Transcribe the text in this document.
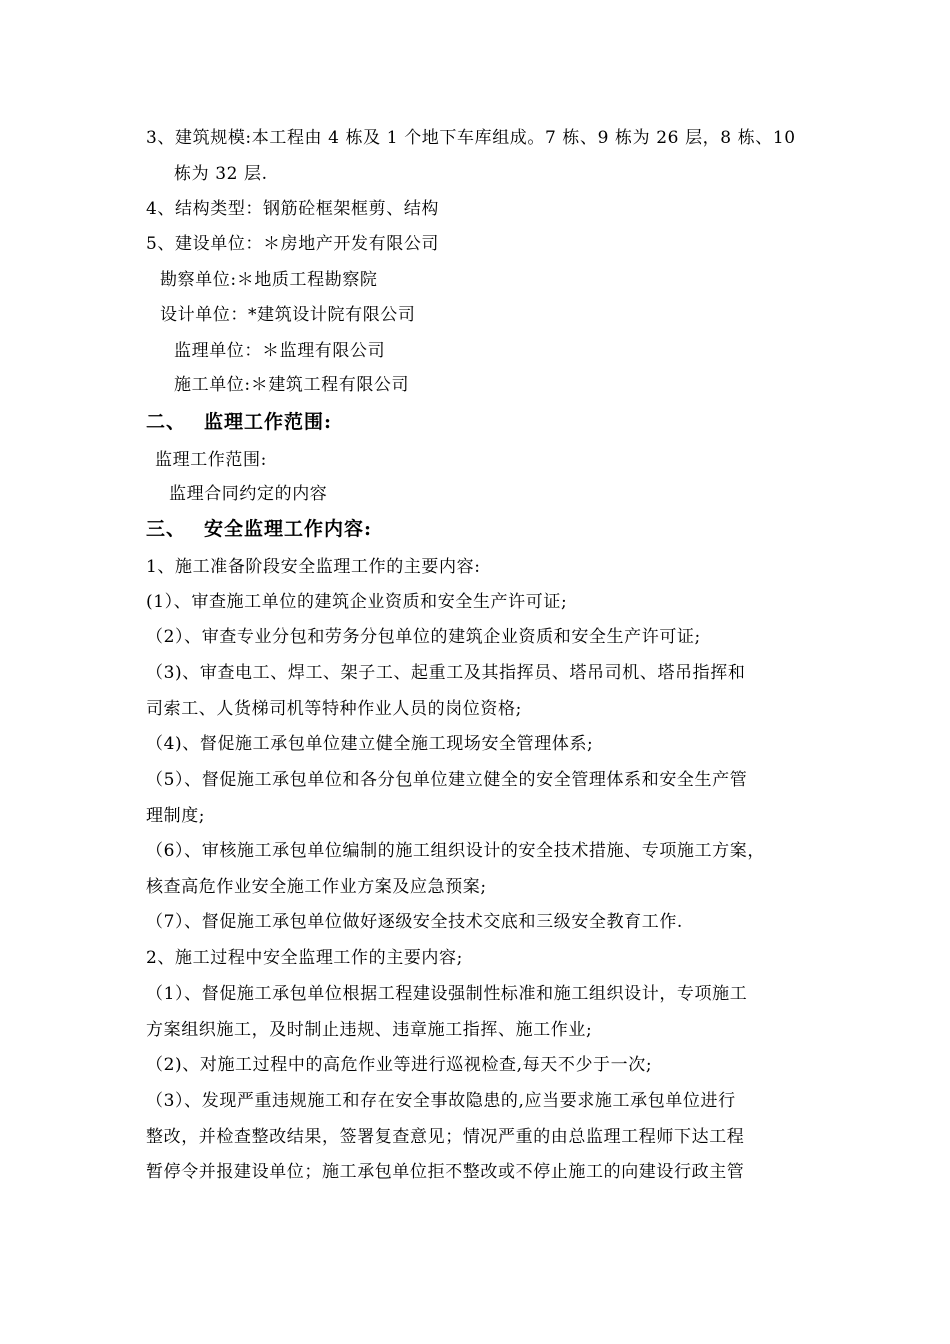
3、建筑规模:本工程由 4 栋及 1 个地下车库组成。7 栋、9 栋为 26 层，8 栋、10
栋为 32 层.
4、结构类型：钢筋砼框架框剪、结构
5、建设单位：＊房地产开发有限公司
勘察单位:＊地质工程勘察院
设计单位：*建筑设计院有限公司
监理单位：＊监理有限公司
施工单位:＊建筑工程有限公司
二、 监理工作范围:
监理工作范围:
监理合同约定的内容
三、 安全监理工作内容:
1、施工准备阶段安全监理工作的主要内容:
(1）、审查施工单位的建筑企业资质和安全生产许可证;
（2）、审查专业分包和劳务分包单位的建筑企业资质和安全生产许可证;
（3)、审查电工、焊工、架子工、起重工及其指挥员、塔吊司机、塔吊指挥和
司索工、人货梯司机等特种作业人员的岗位资格;
（4)、督促施工承包单位建立健全施工现场安全管理体系;
（5）、督促施工承包单位和各分包单位建立健全的安全管理体系和安全生产管
理制度;
（6）、审核施工承包单位编制的施工组织设计的安全技术措施、专项施工方案，
核查高危作业安全施工作业方案及应急预案;
（7）、督促施工承包单位做好逐级安全技术交底和三级安全教育工作.
2、施工过程中安全监理工作的主要内容;
（1）、督促施工承包单位根据工程建设强制性标准和施工组织设计，专项施工
方案组织施工，及时制止违规、违章施工指挥、施工作业;
（2)、对施工过程中的高危作业等进行巡视检查,每天不少于一次;
（3）、发现严重违规施工和存在安全事故隐患的,应当要求施工承包单位进行
整改，并检查整改结果，签署复查意见；情况严重的由总监理工程师下达工程
暂停令并报建设单位；施工承包单位拒不整改或不停止施工的向建设行政主管
